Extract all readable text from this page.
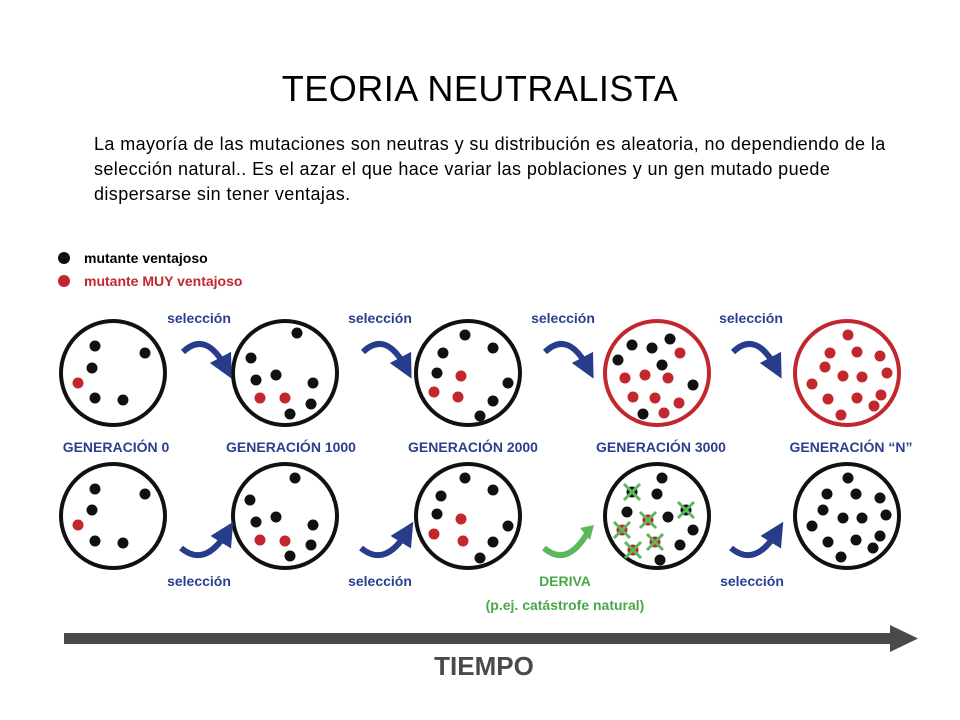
TEORIA NEUTRALISTA
La mayoría de las mutaciones son neutras y su distribución es aleatoria, no dependiendo de la selección natural.. Es el azar el que hace variar las poblaciones y un gen mutado puede dispersarse sin tener ventajas.
mutante ventajoso
mutante MUY ventajoso
selección	selección	selección	selección
GENERACIÓN 0	GENERACIÓN 1000	GENERACIÓN 2000	GENERACIÓN 3000	GENERACIÓN “N”
selección	selección	DERIVA
(p.ej. catástrofe natural)
selección
TIEMPO
